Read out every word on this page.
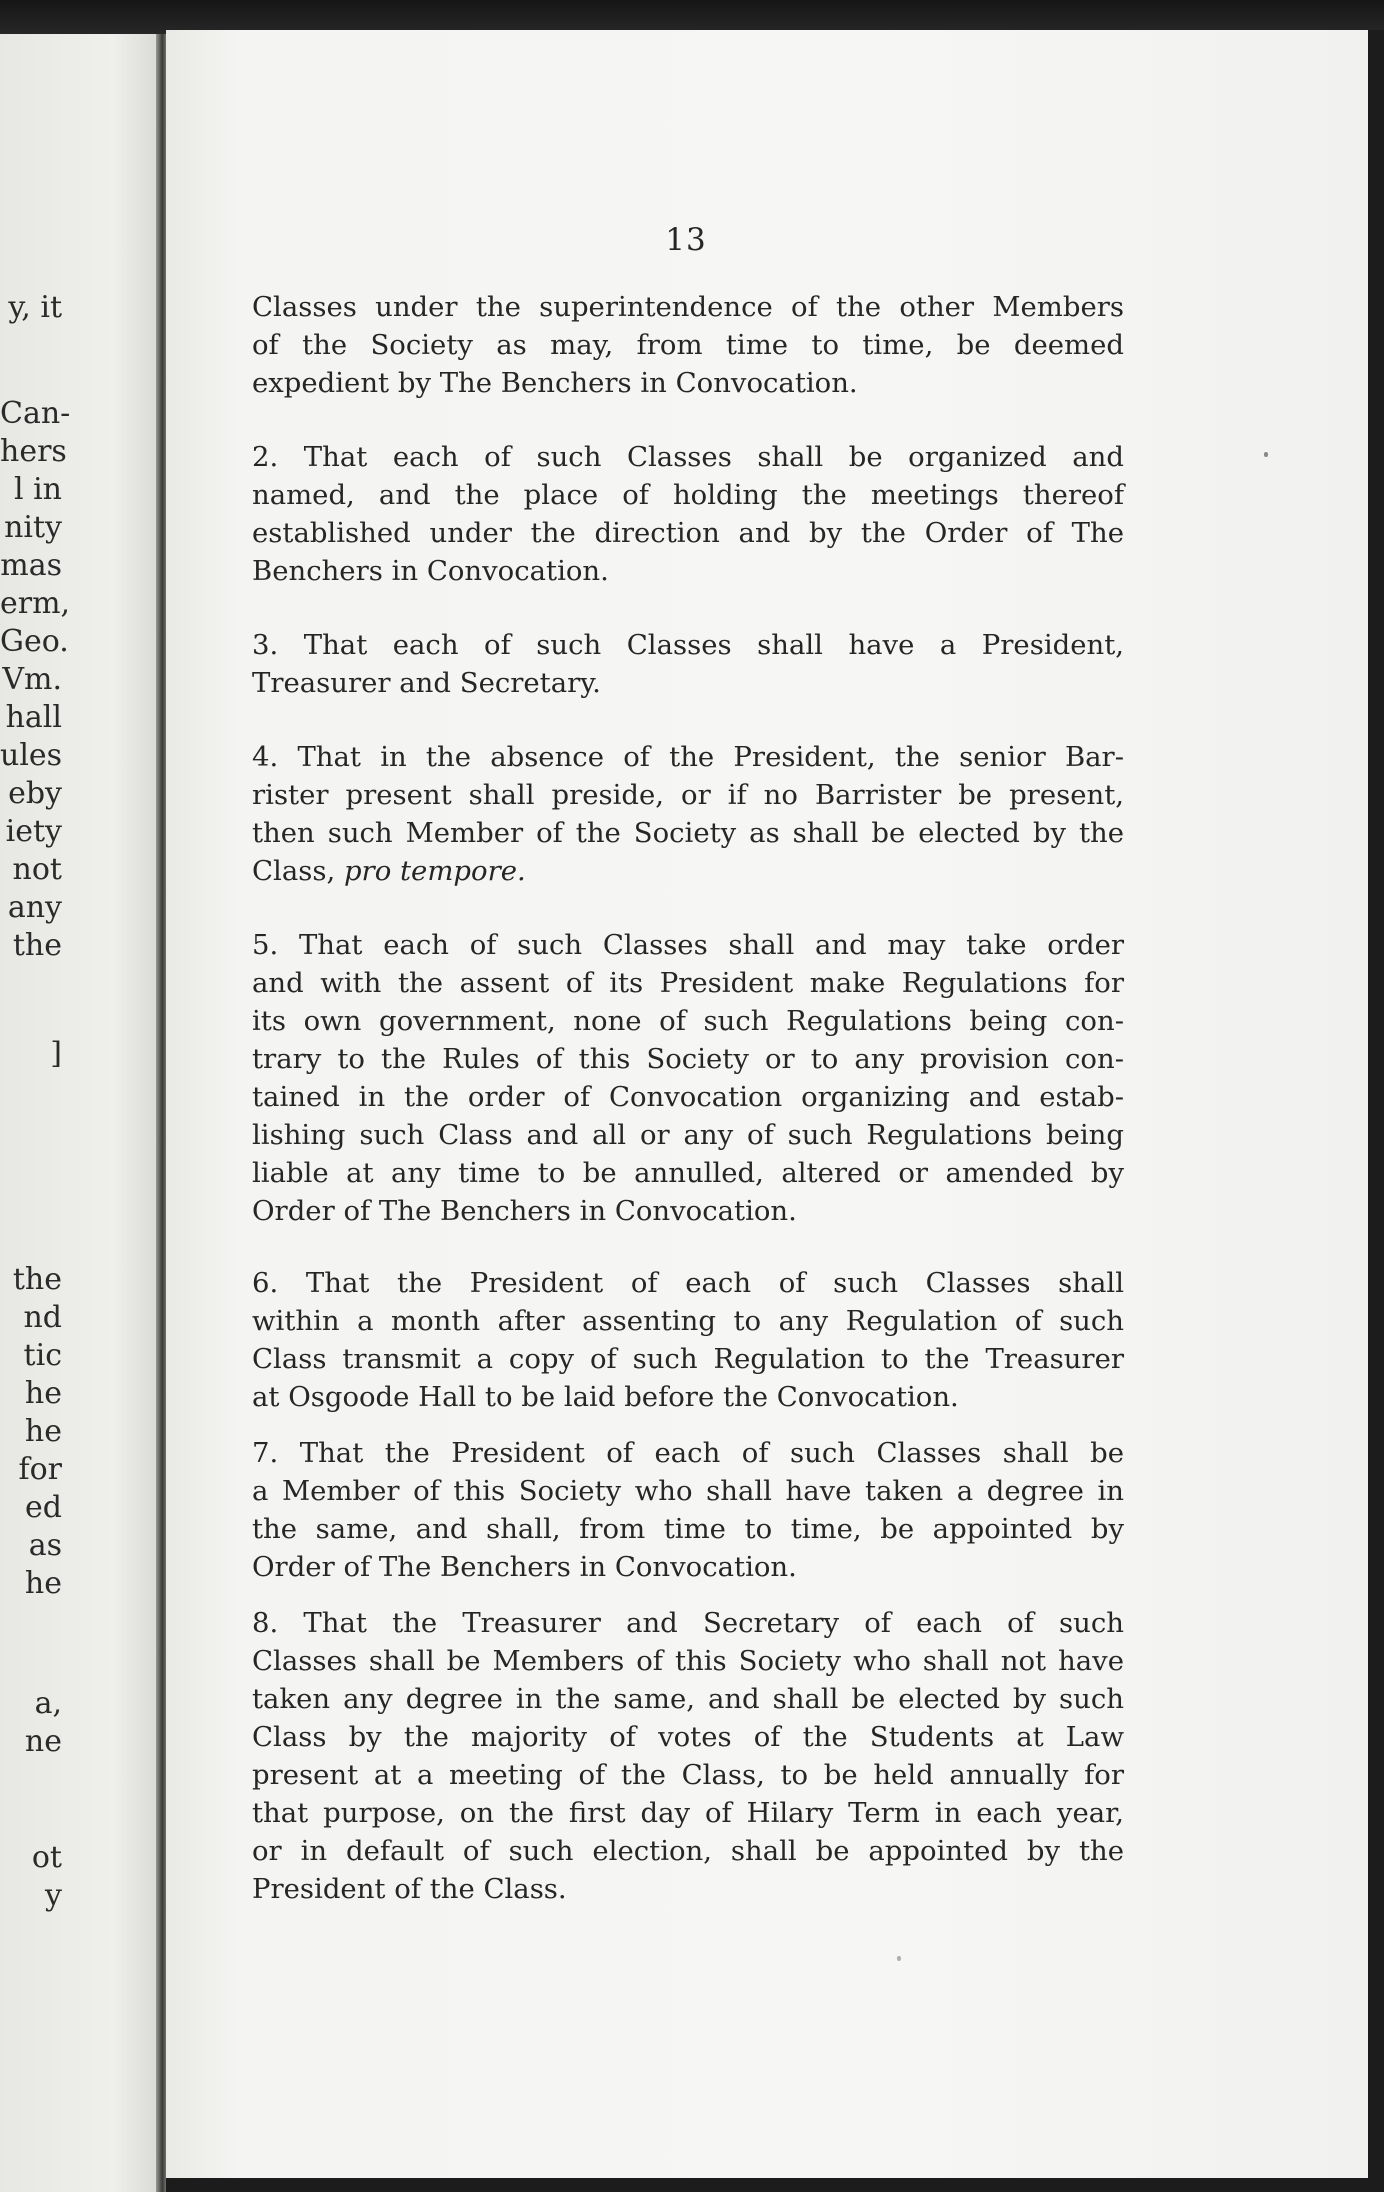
y, it
Can-
hers
l in
nity
mas
erm,
Geo.
Vm.
hall
ules
eby
iety
not
any
the
]
the
nd
tic
he
he
for
ed
as
he
a,
ne
ot
y
13

Classes under the superintendence of the other Members
of the Society as may, from time to time, be deemed
expedient by The Benchers in Convocation.

2. That each of such Classes shall be organized and
named, and the place of holding the meetings thereof
established under the direction and by the Order of The
Benchers in Convocation.

3. That each of such Classes shall have a President,
Treasurer and Secretary.

4. That in the absence of the President, the senior Bar-
rister present shall preside, or if no Barrister be present,
then such Member of the Society as shall be elected by the
Class, pro tempore.

5. That each of such Classes shall and may take order
and with the assent of its President make Regulations for
its own government, none of such Regulations being con-
trary to the Rules of this Society or to any provision con-
tained in the order of Convocation organizing and estab-
lishing such Class and all or any of such Regulations being
liable at any time to be annulled, altered or amended by
Order of The Benchers in Convocation.

6. That the President of each of such Classes shall
within a month after assenting to any Regulation of such
Class transmit a copy of such Regulation to the Treasurer
at Osgoode Hall to be laid before the Convocation.

7. That the President of each of such Classes shall be
a Member of this Society who shall have taken a degree in
the same, and shall, from time to time, be appointed by
Order of The Benchers in Convocation.

8. That the Treasurer and Secretary of each of such
Classes shall be Members of this Society who shall not have
taken any degree in the same, and shall be elected by such
Class by the majority of votes of the Students at Law
present at a meeting of the Class, to be held annually for
that purpose, on the first day of Hilary Term in each year,
or in default of such election, shall be appointed by the
President of the Class.
